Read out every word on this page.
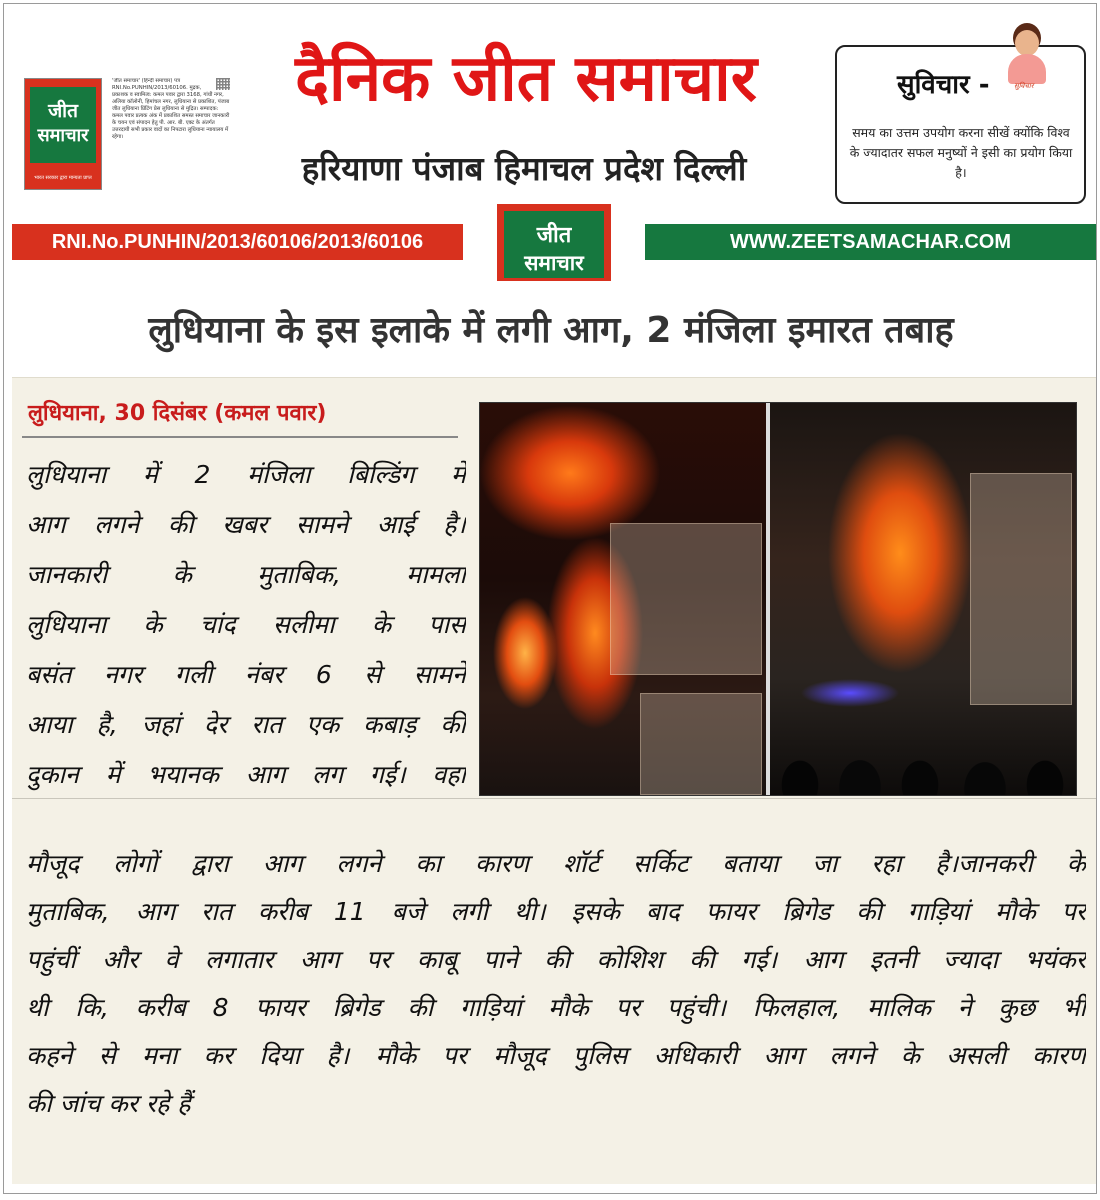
जीत
समाचार
भारत सरकार द्वारा मान्यता प्राप्त
'जीत समाचार' (हिन्दी समाचार) पत्र RNI.No.PUNHIN/2013/60106. मुद्रक, प्रकाशक व स्वामित्व: कमल पवार द्वारा 3168, गांधी नगर, अलिया कॉलोनी, हिमांचल नगर, लुधियाना से प्रकाशित, पंजाब जीत लुधियाना प्रिंटिंग प्रेस लुधियाना से मुद्रित। सम्पादक: कमल पवार प्रत्यक अंक में प्रकाशित समस्त समाचार जानकारी के चयन एवं संपादन हेतु पी. आर. बी. एक्ट के अंतर्गत उत्तरदायी सभी प्रकार वादों का निपटारा लुधियाना न्यायालय में रहेगा।
दैनिक जीत समाचार
हरियाणा पंजाब हिमाचल प्रदेश दिल्ली
सुविचार -
समय का उत्तम उपयोग करना सीखें क्योंकि विश्व के ज्यादातर सफल मनुष्यों ने इसी का प्रयोग किया है।
सुविचार
RNI.No.PUNHIN/2013/60106/2013/60106	जीत
समाचार
WWW.ZEETSAMACHAR.COM
लुधियाना के इस इलाके में लगी आग, 2 मंजिला इमारत तबाह
लुधियाना, 30 दिसंबर (कमल पवार)
लुधियाना में 2 मंजिला बिल्डिंग में
आग लगने की खबर सामने आई है।
जानकारी के मुताबिक, मामला
लुधियाना के चांद सलीमा के पास
बसंत नगर गली नंबर 6 से सामने
आया है, जहां देर रात एक कबाड़ की
दुकान में भयानक आग लग गई। वहां
मौजूद लोगों द्वारा आग लगने का कारण शॉर्ट सर्किट बताया जा रहा है।जानकरी के
मुताबिक, आग रात करीब 11 बजे लगी थी। इसके बाद फायर ब्रिगेड की गाड़ियां मौके पर
पहुंचीं और वे लगातार आग पर काबू पाने की कोशिश की गई। आग इतनी ज्यादा भयंकर
थी कि, करीब 8 फायर ब्रिगेड की गाड़ियां मौके पर पहुंची। फिलहाल, मालिक ने कुछ भी
कहने से मना कर दिया है। मौके पर मौजूद पुलिस अधिकारी आग लगने के असली कारण
की जांच कर रहे हैं
